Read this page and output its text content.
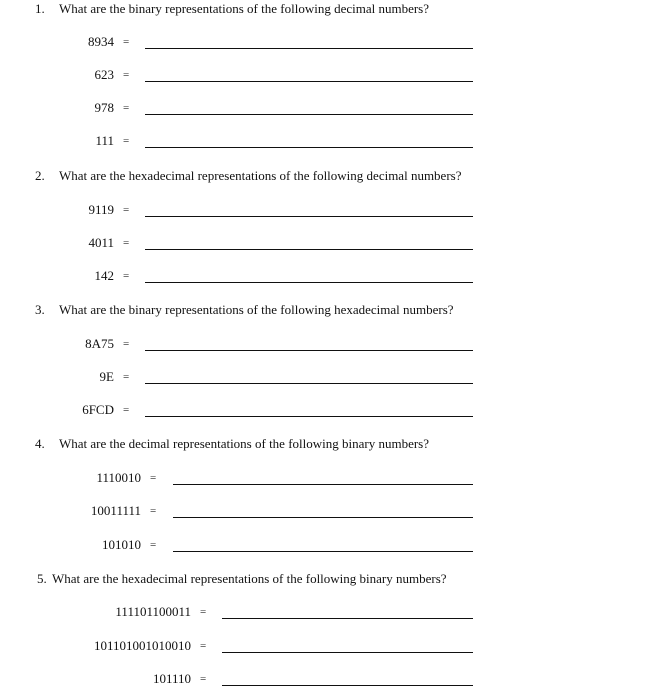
1. What are the binary representations of the following decimal numbers?
8934 =
623 =
978 =
111 =
2. What are the hexadecimal representations of the following decimal numbers?
9119 =
4011 =
142 =
3. What are the binary representations of the following hexadecimal numbers?
8A75 =
9E =
6FCD =
4. What are the decimal representations of the following binary numbers?
1110010 =
10011111 =
101010 =
5. What are the hexadecimal representations of the following binary numbers?
111101100011 =
101101001010010 =
101110 =
